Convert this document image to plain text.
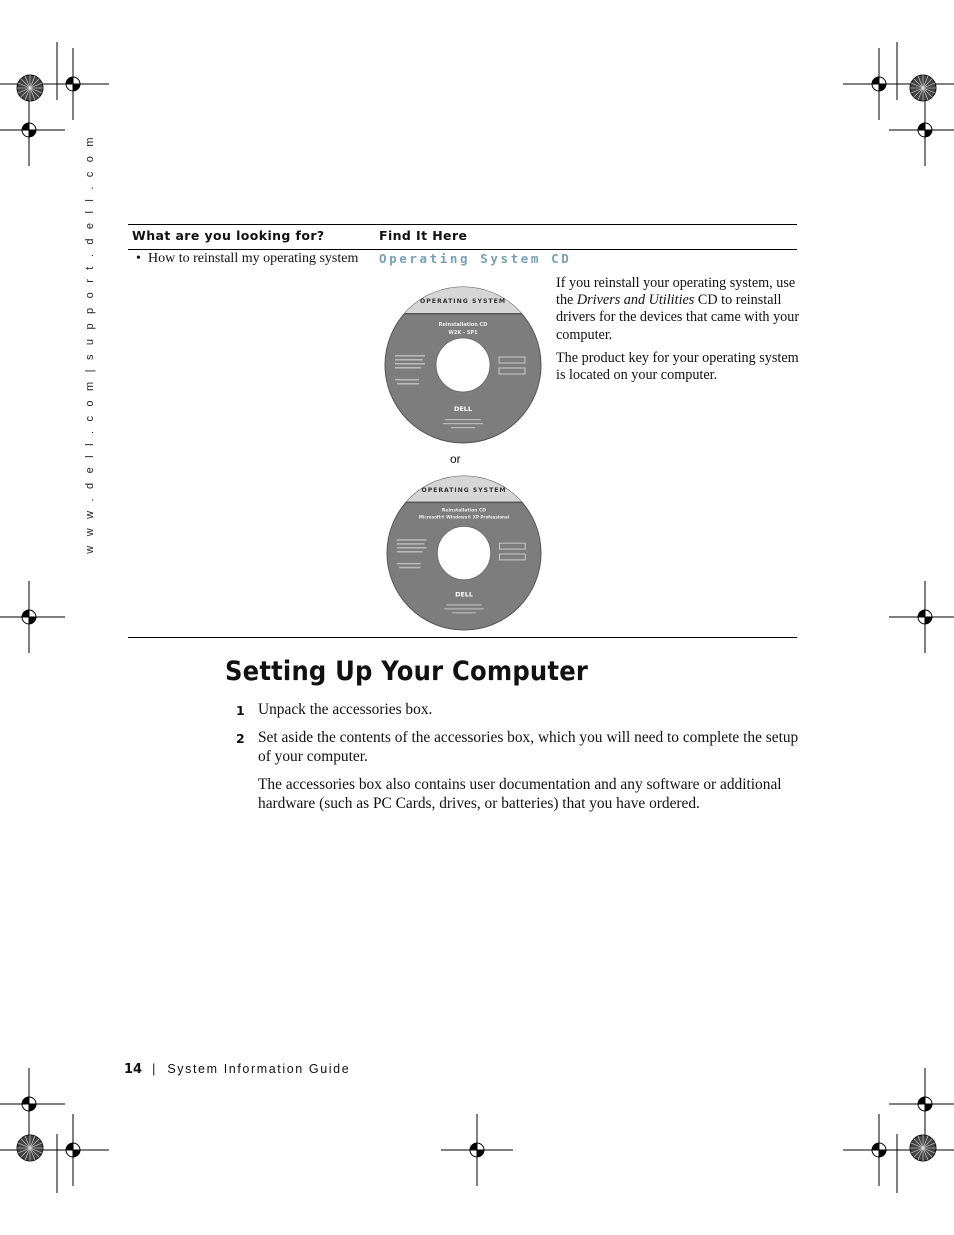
w w w . d e l l . c o m | s u p p o r t . d e l l . c o m	What are you looking for?	Find It Here
• How to reinstall my operating system Operating System CD
OPERATING SYSTEM
Reinstallation CD
W2K - SP1
DELL
or
OPERATING SYSTEM
Reinstallation CD
Microsoft® Windows® XP Professional
DELL

If you reinstall your operating system, use the Drivers and Utilities CD to reinstall drivers for the devices that came with your computer.

The product key for your operating system is located on your computer.

Setting Up Your Computer
1 Unpack the accessories box.
2 Set aside the contents of the accessories box, which you will need to complete the setup of your computer.
The accessories box also contains user documentation and any software or additional hardware (such as PC Cards, drives, or batteries) that you have ordered.
14 | System Information Guide
